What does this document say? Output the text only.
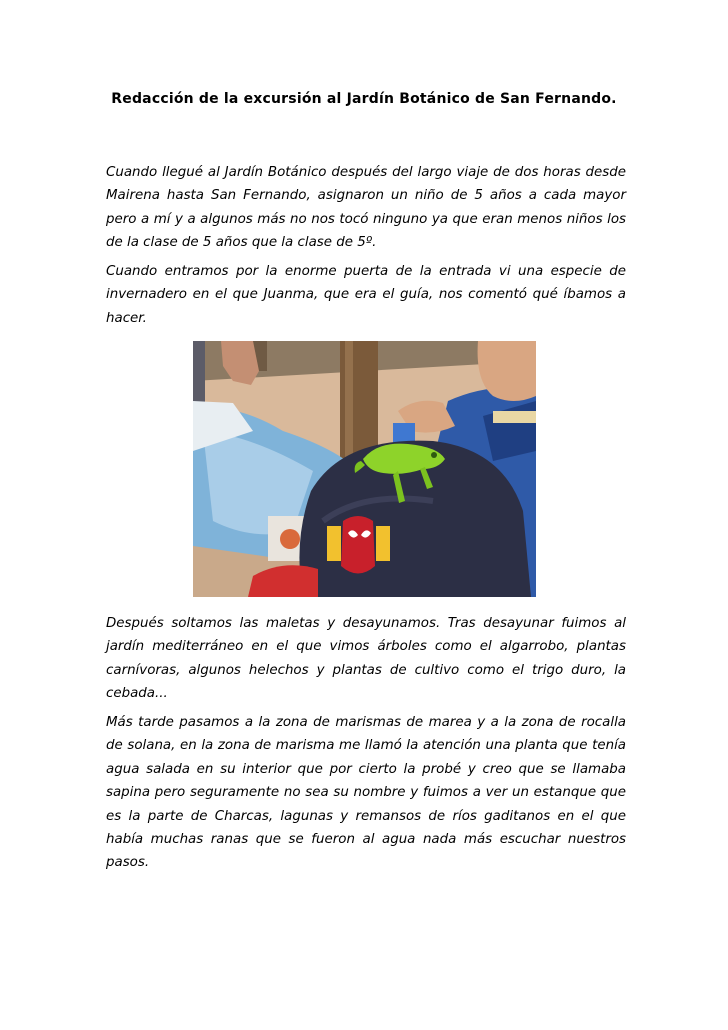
Redacción de la excursión al Jardín Botánico de San Fernando.

Cuando llegué al Jardín Botánico después del largo viaje de dos horas desde Mairena hasta San Fernando, asignaron un niño de 5 años a cada mayor pero a mí y a algunos más no nos tocó ninguno ya que eran menos niños los de la clase de 5 años que la clase de 5º.

Cuando entramos por la enorme puerta de la entrada vi una especie de invernadero en el que Juanma, que era el guía, nos comentó qué íbamos a hacer.

Después soltamos las maletas y desayunamos. Tras desayunar fuimos al jardín mediterráneo en el que vimos árboles como el algarrobo, plantas carnívoras, algunos helechos y plantas de cultivo como el trigo duro, la cebada...

Más tarde pasamos a la zona de marismas de marea y a la zona de rocalla de solana, en la zona de marisma me llamó la atención una planta que tenía agua salada en su interior que por cierto la probé y creo que se llamaba sapina pero seguramente no sea su nombre y fuimos a ver un estanque que es la parte de Charcas, lagunas y remansos de ríos gaditanos en el que había muchas ranas que se fueron al agua nada más escuchar nuestros pasos.
